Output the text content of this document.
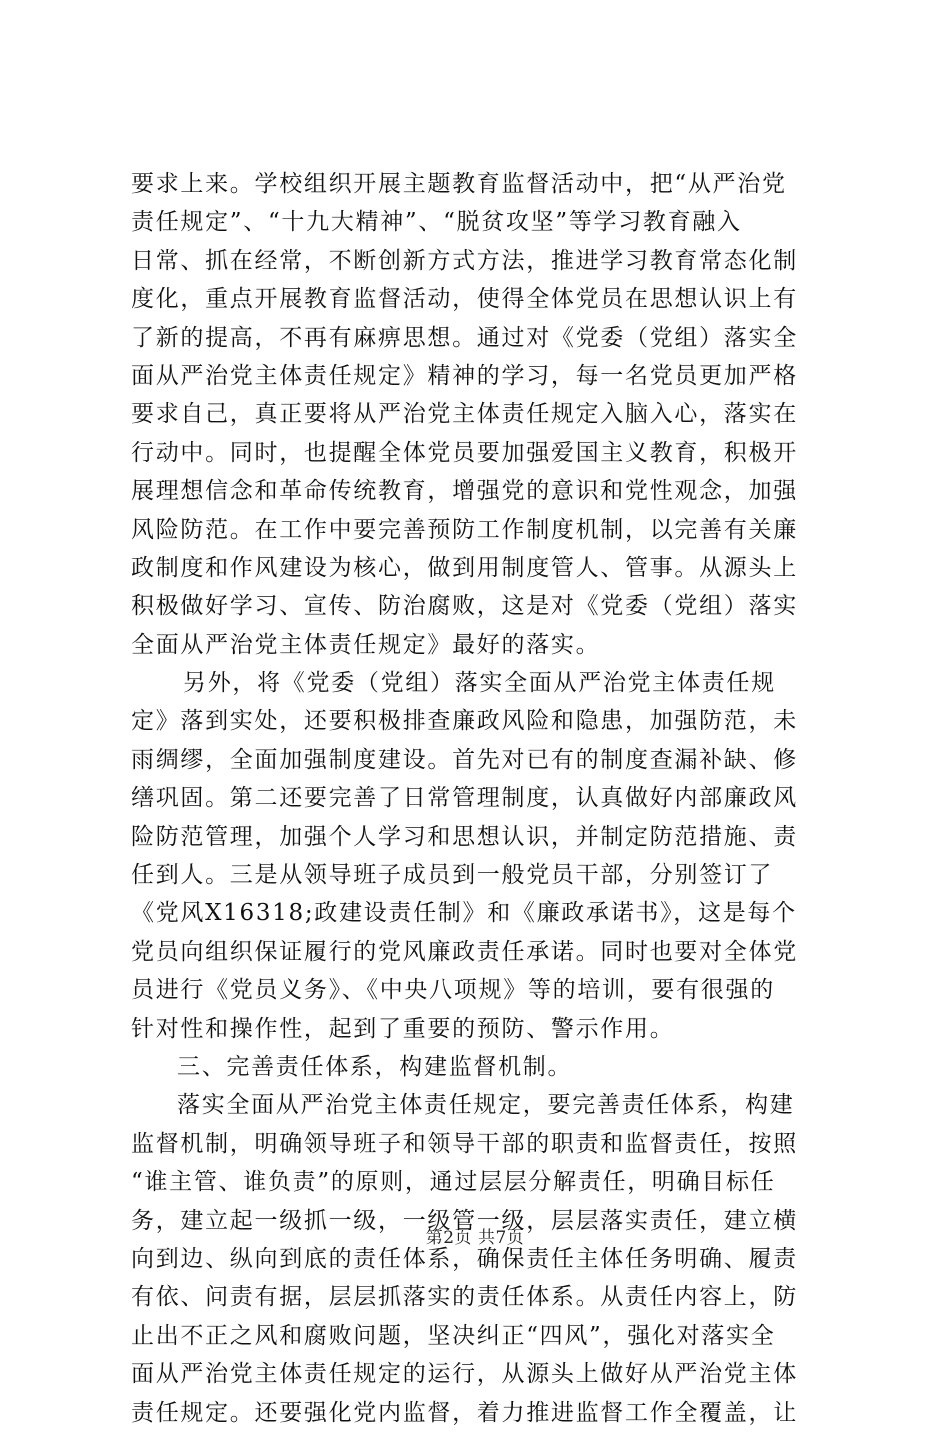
要求上来。学校组织开展主题教育监督活动中，把“从严治党
责任规定”、“十九大精神”、“脱贫攻坚”等学习教育融入
日常、抓在经常，不断创新方式方法，推进学习教育常态化制
度化，重点开展教育监督活动，使得全体党员在思想认识上有
了新的提高，不再有麻痹思想。通过对《党委（党组）落实全
面从严治党主体责任规定》精神的学习，每一名党员更加严格
要求自己，真正要将从严治党主体责任规定入脑入心，落实在
行动中。同时，也提醒全体党员要加强爱国主义教育，积极开
展理想信念和革命传统教育，增强党的意识和党性观念，加强
风险防范。在工作中要完善预防工作制度机制，以完善有关廉
政制度和作风建设为核心，做到用制度管人、管事。从源头上
积极做好学习、宣传、防治腐败，这是对《党委（党组）落实
全面从严治党主体责任规定》最好的落实。
另外，将《党委（党组）落实全面从严治党主体责任规
定》落到实处，还要积极排查廉政风险和隐患，加强防范，未
雨绸缪，全面加强制度建设。首先对已有的制度查漏补缺、修
缮巩固。第二还要完善了日常管理制度，认真做好内部廉政风
险防范管理，加强个人学习和思想认识，并制定防范措施、责
任到人。三是从领导班子成员到一般党员干部，分别签订了
《党风X16318;政建设责任制》和《廉政承诺书》，这是每个
党员向组织保证履行的党风廉政责任承诺。同时也要对全体党
员进行《党员义务》、《中央八项规》等的培训，要有很强的
针对性和操作性，起到了重要的预防、警示作用。
三、完善责任体系，构建监督机制。
落实全面从严治党主体责任规定，要完善责任体系，构建
监督机制，明确领导班子和领导干部的职责和监督责任，按照
“谁主管、谁负责”的原则，通过层层分解责任，明确目标任
务，建立起一级抓一级，一级管一级，层层落实责任，建立横
向到边、纵向到底的责任体系，确保责任主体任务明确、履责
有依、问责有据，层层抓落实的责任体系。从责任内容上，防
止出不正之风和腐败问题，坚决纠正“四风”，强化对落实全
面从严治党主体责任规定的运行，从源头上做好从严治党主体
责任规定。还要强化党内监督，着力推进监督工作全覆盖，让
第2页 共7页
